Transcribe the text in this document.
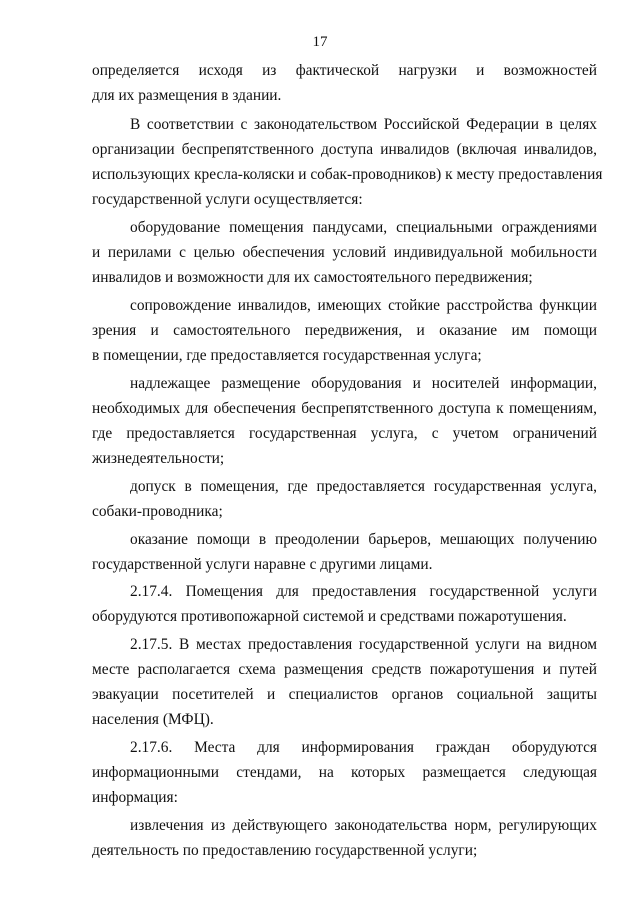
17
определяется исходя из фактической нагрузки и возможностей
для их размещения в здании.
В соответствии с законодательством Российской Федерации в целях
организации беспрепятственного доступа инвалидов (включая инвалидов,
использующих кресла-коляски и собак-проводников) к месту предоставления
государственной услуги осуществляется:
оборудование помещения пандусами, специальными ограждениями
и перилами с целью обеспечения условий индивидуальной мобильности
инвалидов и возможности для их самостоятельного передвижения;
сопровождение инвалидов, имеющих стойкие расстройства функции
зрения и самостоятельного передвижения, и оказание им помощи
в помещении, где предоставляется государственная услуга;
надлежащее размещение оборудования и носителей информации,
необходимых для обеспечения беспрепятственного доступа к помещениям,
где предоставляется государственная услуга, с учетом ограничений
жизнедеятельности;
допуск в помещения, где предоставляется государственная услуга,
собаки-проводника;
оказание помощи в преодолении барьеров, мешающих получению
государственной услуги наравне с другими лицами.
2.17.4. Помещения для предоставления государственной услуги
оборудуются противопожарной системой и средствами пожаротушения.
2.17.5. В местах предоставления государственной услуги на видном
месте располагается схема размещения средств пожаротушения и путей
эвакуации посетителей и специалистов органов социальной защиты
населения (МФЦ).
2.17.6. Места для информирования граждан оборудуются
информационными стендами, на которых размещается следующая
информация:
извлечения из действующего законодательства норм, регулирующих
деятельность по предоставлению государственной услуги;
